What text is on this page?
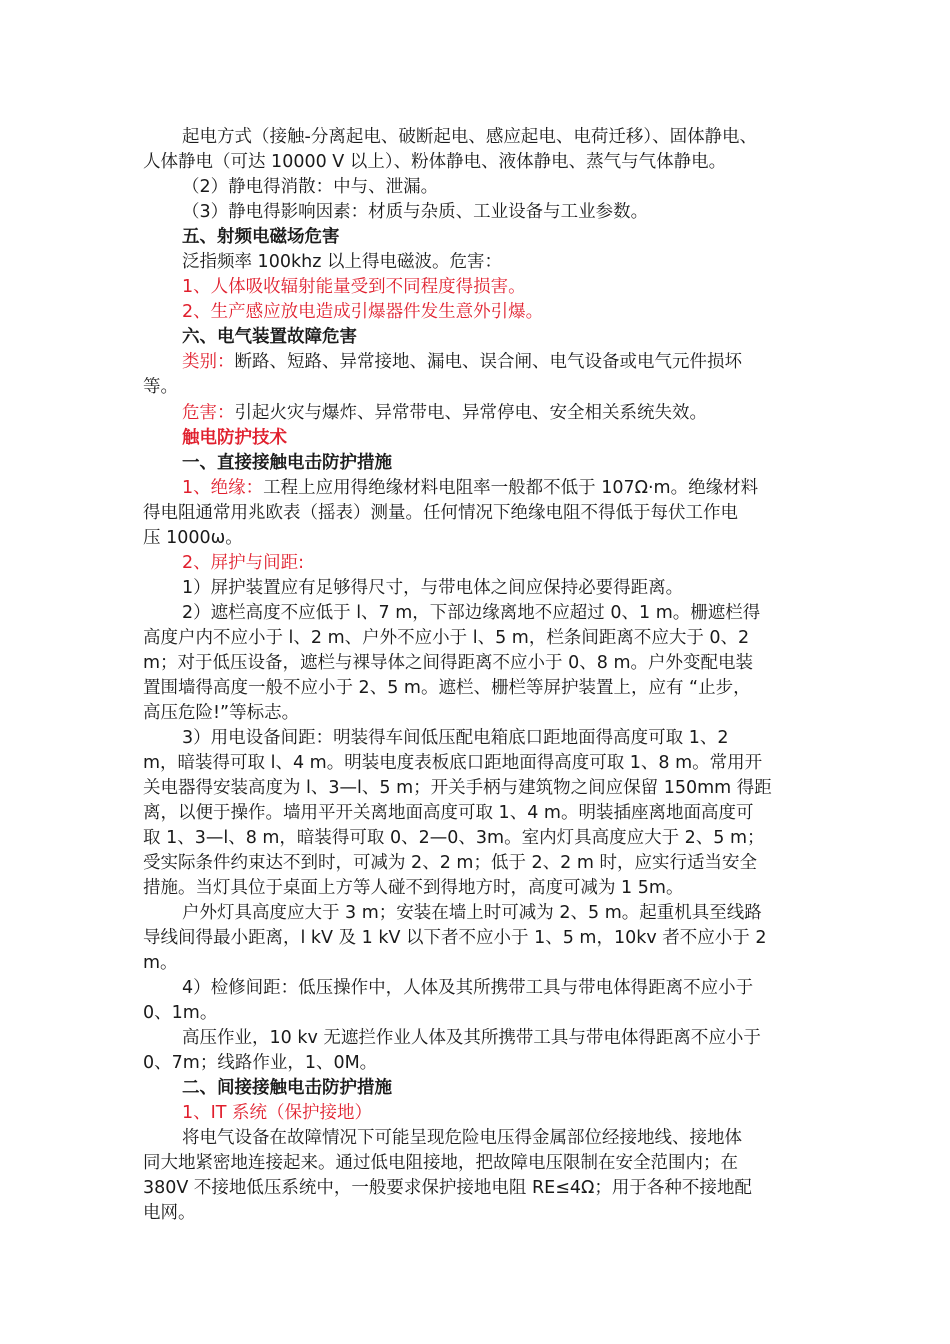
起电方式（接触-分离起电、破断起电、感应起电、电荷迁移）、固体静电、
人体静电（可达 10000 V 以上）、粉体静电、液体静电、蒸气与气体静电。
（2）静电得消散：中与、泄漏。
（3）静电得影响因素：材质与杂质、工业设备与工业参数。
五、射频电磁场危害
泛指频率 100khz 以上得电磁波。危害：
1、人体吸收辐射能量受到不同程度得损害。
2、生产感应放电造成引爆器件发生意外引爆。
六、电气装置故障危害
类别：断路、短路、异常接地、漏电、误合闸、电气设备或电气元件损坏
等。
危害：引起火灾与爆炸、异常带电、异常停电、安全相关系统失效。
触电防护技术
一、直接接触电击防护措施
1、绝缘：工程上应用得绝缘材料电阻率一般都不低于 107Ω·m。绝缘材料
得电阻通常用兆欧表（摇表）测量。任何情况下绝缘电阻不得低于每伏工作电
压 1000ω。
2、屏护与间距:
1）屏护装置应有足够得尺寸，与带电体之间应保持必要得距离。
2）遮栏高度不应低于 l、7 m，下部边缘离地不应超过 0、1 m。栅遮栏得
高度户内不应小于 l、2 m、户外不应小于 l、5 m，栏条间距离不应大于 0、2
m；对于低压设备，遮栏与裸导体之间得距离不应小于 0、8 m。户外变配电装
置围墙得高度一般不应小于 2、5 m。遮栏、栅栏等屏护装置上，应有 “止步，
高压危险!”等标志。
3）用电设备间距：明装得车间低压配电箱底口距地面得高度可取 1、2
m，暗装得可取 l、4 m。明装电度表板底口距地面得高度可取 1、8 m。常用开
关电器得安装高度为 l、3—l、5 m；开关手柄与建筑物之间应保留 150mm 得距
离，以便于操作。墙用平开关离地面高度可取 1、4 m。明装插座离地面高度可
取 1、3—l、8 m，暗装得可取 0、2—0、3m。室内灯具高度应大于 2、5 m；
受实际条件约束达不到时，可减为 2、2 m；低于 2、2 m 时，应实行适当安全
措施。当灯具位于桌面上方等人碰不到得地方时，高度可减为 1 5m。
户外灯具高度应大于 3 m；安装在墙上时可减为 2、5 m。起重机具至线路
导线间得最小距离，l kV 及 1 kV 以下者不应小于 1、5 m，10kv 者不应小于 2
m。
4）检修间距：低压操作中，人体及其所携带工具与带电体得距离不应小于
0、1m。
高压作业，10 kv 无遮拦作业人体及其所携带工具与带电体得距离不应小于
0、7m；线路作业，1、0M。
二、间接接触电击防护措施
1、IT 系统（保护接地）
将电气设备在故障情况下可能呈现危险电压得金属部位经接地线、接地体
同大地紧密地连接起来。通过低电阻接地，把故障电压限制在安全范围内；在
380V 不接地低压系统中，一般要求保护接地电阻 RE≤4Ω；用于各种不接地配
电网。
